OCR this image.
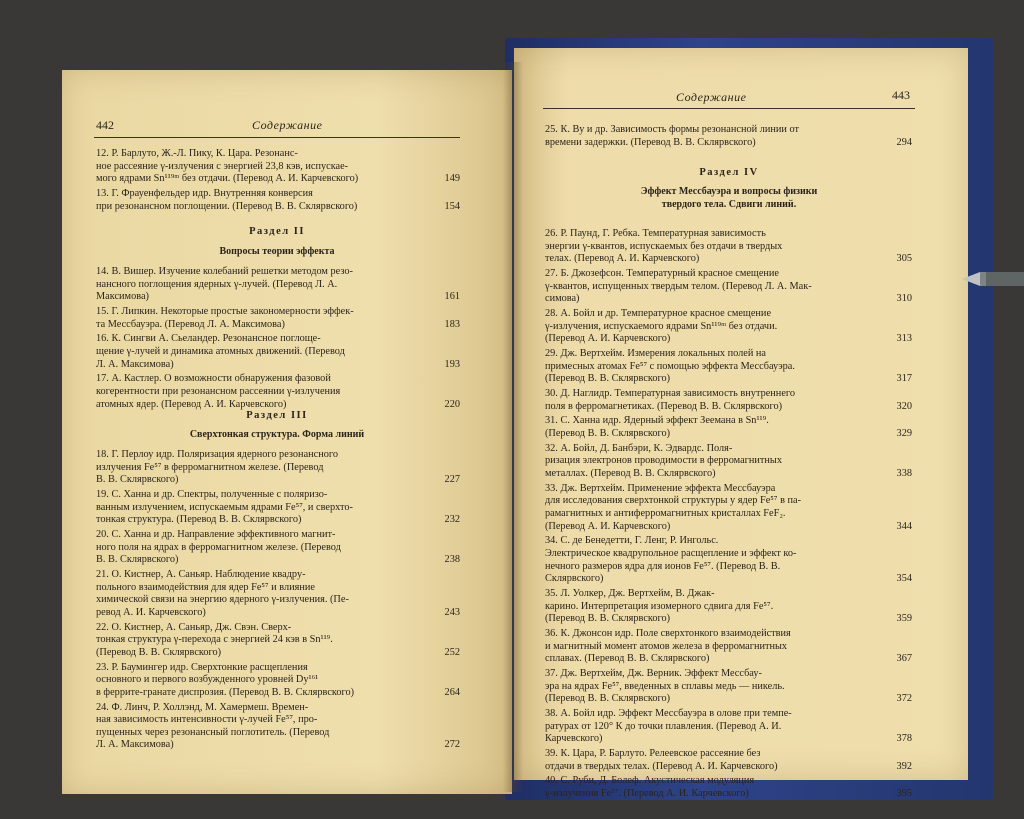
442	Содержание
Содержание	443
12. Р. Барлуто, Ж.-Л. Пику, К. Цара. Резонанс-
ное рассеяние γ-излучения с энергией 23,8 кэв, испускае-
мого ядрами Sn¹¹⁹ᵐ без отдачи. (Перевод А. И. Карчевского)	149
13. Г. Фрауенфельдер идр. Внутренняя конверсия
при резонансном поглощении. (Перевод В. В. Склярвского)	154
14. В. Вишер. Изучение колебаний решетки методом резо-
нансного поглощения ядерных γ-лучей. (Перевод Л. А.
Максимова)	161
15. Г. Липкин. Некоторые простые закономерности эффек-
та Мессбауэра. (Перевод Л. А. Максимова)	183
16. К. Сингви А. Сьеландер. Резонансное поглоще-
щение γ-лучей и динамика атомных движений. (Перевод
Л. А. Максимова)	193
17. А. Кастлер. О возможности обнаружения фазовой
когерентности при резонансном рассеянии γ-излучения
атомных ядер. (Перевод А. И. Карчевского)	220
18. Г. Перлоу идр. Поляризация ядерного резонансного
излучения Fe⁵⁷ в ферромагнитном железе. (Перевод
В. В. Склярвского)	227
19. С. Ханна и др. Спектры, полученные с поляризо-
ванным излучением, испускаемым ядрами Fe⁵⁷, и сверхто-
тонкая структура. (Перевод В. В. Склярвского)	232
20. С. Ханна и др. Направление эффективного магнит-
ного поля на ядрах в ферромагнитном железе. (Перевод
В. В. Склярвского)	238
21. О. Кистнер, А. Саньяр. Наблюдение квадру-
польного взаимодействия для ядер Fe⁵⁷ и влияние
химической связи на энергию ядерного γ-излучения. (Пе-
ревод А. И. Карчевского)	243
22. О. Кистнер, А. Саньяр, Дж. Свэн. Сверх-
тонкая структура γ-перехода с энергией 24 кэв в Sn¹¹⁹.
(Перевод В. В. Склярвского)	252
23. Р. Баумингер идр. Сверхтонкие расщепления
основного и первого возбужденного уровней Dy¹⁶¹
в феррите-гранате диспрозия. (Перевод В. В. Склярвского)	264
24. Ф. Линч, Р. Холлэнд, М. Хамермеш. Времен-
ная зависимость интенсивности γ-лучей Fe⁵⁷, про-
пущенных через резонансный поглотитель. (Перевод
Л. А. Максимова)	272
25. К. Ву и др. Зависимость формы резонансной линии от
времени задержки. (Перевод В. В. Склярвского)	294
26. Р. Паунд, Г. Ребка. Температурная зависимость
энергии γ-квантов, испускаемых без отдачи в твердых
телах. (Перевод А. И. Карчевского)	305
27. Б. Джозефсон. Температурный красное смещение
γ-квантов, испущенных твердым телом. (Перевод Л. А. Мак-
симова)	310
28. А. Бойл и др. Температурное красное смещение
γ-излучения, испускаемого ядрами Sn¹¹⁹ᵐ без отдачи.
(Перевод А. И. Карчевского)	313
29. Дж. Вертхейм. Измерения локальных полей на
примесных атомах Fe⁵⁷ с помощью эффекта Мессбауэра.
(Перевод В. В. Склярвского)	317
30. Д. Наглидр. Температурная зависимость внутреннего
поля в ферромагнетиках. (Перевод В. В. Склярвского)	320
31. С. Ханна идр. Ядерный эффект Зеемана в Sn¹¹⁹.
(Перевод В. В. Склярвского)	329
32. А. Бойл, Д. Банбэри, К. Эдвардс. Поля-
ризация электронов проводимости в ферромагнитных
металлах. (Перевод В. В. Склярвского)	338
33. Дж. Вертхейм. Применение эффекта Мессбауэра
для исследования сверхтонкой структуры у ядер Fe⁵⁷ в па-
рамагнитных и антиферромагнитных кристаллах FeF₂.
(Перевод А. И. Карчевского)	344
34. С. де Бенедетти, Г. Ленг, Р. Ингольс.
Электрическое квадрупольное расщепление и эффект ко-
нечного размеров ядра для ионов Fe⁵⁷. (Перевод В. В.
Склярвского)	354
35. Л. Уолкер, Дж. Вертхейм, В. Джак-
карино. Интерпретация изомерного сдвига для Fe⁵⁷.
(Перевод В. В. Склярвского)	359
36. К. Джонсон идр. Поле сверхтонкого взаимодействия
и магнитный момент атомов железа в ферромагнитных
сплавах. (Перевод В. В. Склярвского)	367
37. Дж. Вертхейм, Дж. Верник. Эффект Мессбау-
эра на ядрах Fe⁵⁷, введенных в сплавы медь — никель.
(Перевод В. В. Склярвского)	372
38. А. Бойл идр. Эффект Мессбауэра в олове при темпе-
ратурах от 120° К до точки плавления. (Перевод А. И.
Карчевского)	378
39. К. Цара, Р. Барлуто. Релеевское рассеяние без
отдачи в твердых телах. (Перевод А. И. Карчевского)	392
40. С. Руби, Д. Болеф. Акустическая модуляция
γ-излучения Fe⁵⁷. (Перевод А. И. Карчевского)	395
Раздел II
Вопросы теории эффекта
Раздел III
Сверхтонкая структура. Форма линий
Раздел IV
Эффект Мессбауэра и вопросы физики
твердого тела. Сдвиги линий.
